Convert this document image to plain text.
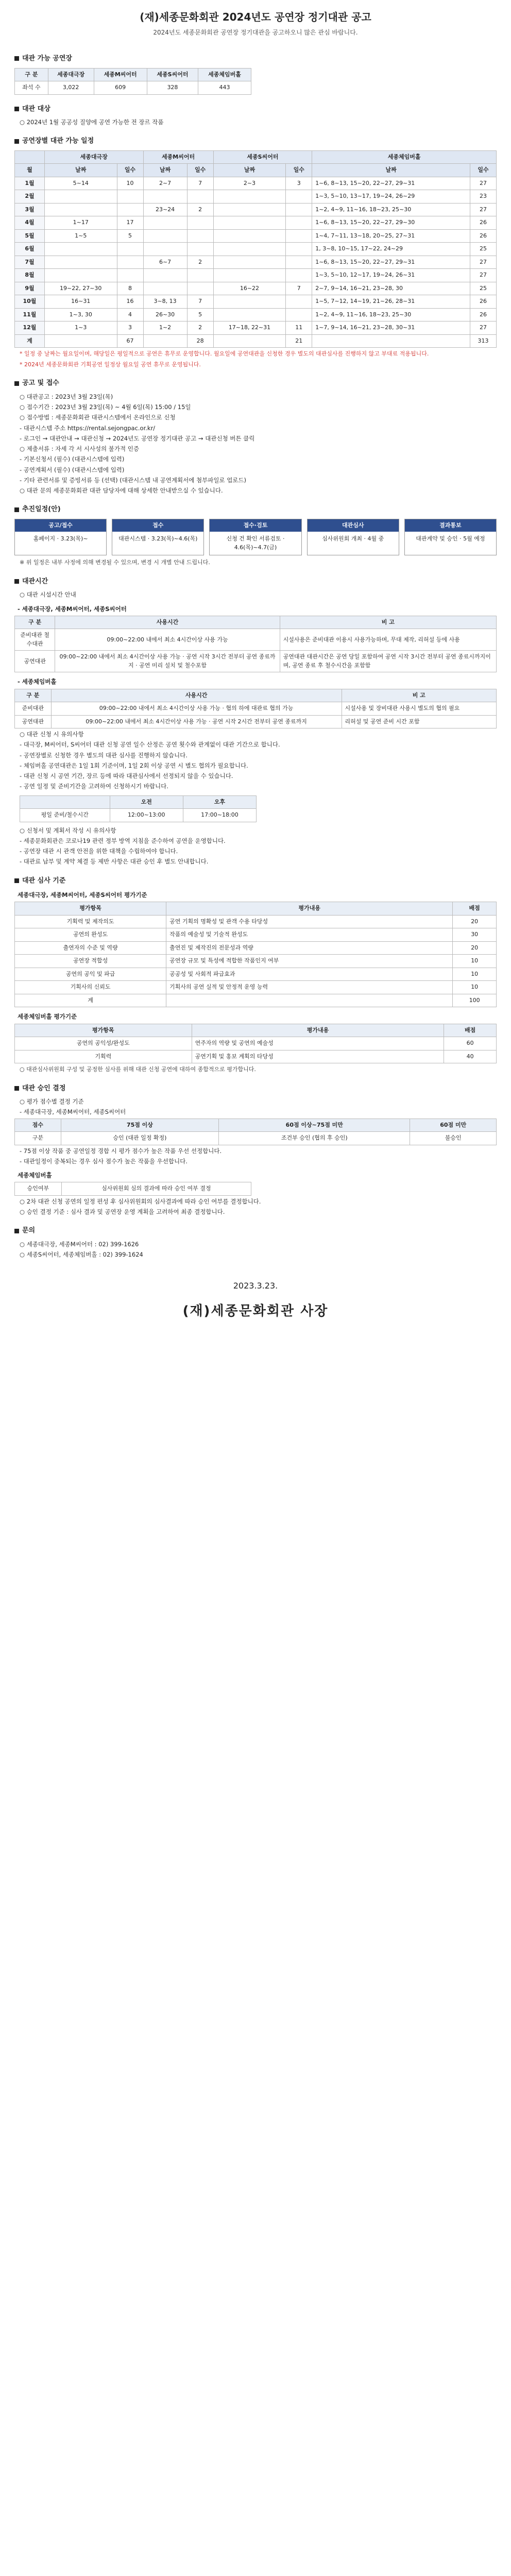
(재)세종문화회관 2024년도 공연장 정기대관 공고

2024년도 세종문화회관 공연장 정기대관을 공고하오니 많은 관심 바랍니다.

대관 가능 공연장
구 분	세종대극장	세종M씨어터	세종S씨어터	세종체임버홀
좌석 수	3,022	609	328	443
대관 대상

○ 2024년 1월 공공성 질양에 공연 가능한 전 장르 작품

공연장별 대관 가능 일정
	세종대극장		세종M씨어터		세종S씨어터		세종체임버홀	
월	날짜	일수	날짜	일수	날짜	일수	날짜	일수
1월	5~14	10	2~7	7	2~3	3	1~6, 8~13, 15~20, 22~27, 29~31	27
2월							1~3, 5~10, 13~17, 19~24, 26~29	23
3월			23~24	2			1~2, 4~9, 11~16, 18~23, 25~30	27
4월	1~17	17					1~6, 8~13, 15~20, 22~27, 29~30	26
5월	1~5	5					1~4, 7~11, 13~18, 20~25, 27~31	26
6월							1, 3~8, 10~15, 17~22, 24~29	25
7월			6~7	2			1~6, 8~13, 15~20, 22~27, 29~31	27
8월							1~3, 5~10, 12~17, 19~24, 26~31	27
9월	19~22, 27~30	8			16~22	7	2~7, 9~14, 16~21, 23~28, 30	25
10월	16~31	16	3~8, 13	7			1~5, 7~12, 14~19, 21~26, 28~31	26
11월	1~3, 30	4	26~30	5			1~2, 4~9, 11~16, 18~23, 25~30	26
12월	1~3	3	1~2	2	17~18, 22~31	11	1~7, 9~14, 16~21, 23~28, 30~31	27
계		67		28		21		313

* 일정 중 날짜는 월요일이며, 해당일은 평일적으로 공연은 휴무로 운영합니다. 월요일에 공연대관을 신청한 경우 별도의 대관심사를 진행하지 않고 부대료 적용됩니다.

* 2024년 세종문화회관 기획공연 일정상 월요일 공연 휴무로 운영됩니다.

공고 및 접수

○ 대관공고 : 2023년 3월 23일(목)

○ 접수기간 : 2023년 3월 23일(목) ~ 4월 6일(목) 15:00 / 15일

○ 접수방법 : 세종문화회관 대관시스템에서 온라인으로 신청

- 대관시스템 주소 https://rental.sejongpac.or.kr/

- 로그인 → 대관안내 → 대관신청 → 2024년도 공연장 정기대관 공고 → 대관신청 버튼 클릭

○ 제출서류 : 자세 각 서 시사성의 불가적 인증

- 기본신청서 (필수) (대관시스템에 입력)

- 공연계획서 (필수) (대관시스템에 입력)

- 기타 관련서류 및 증빙서류 등 (선택) (대관시스템 내 공연계획서에 첨부파일로 업로드)

○ 대관 문의 세종문화회관 대관 담당자에 대해 상세한 안내받으실 수 있습니다.

추진일정(안)
공고/접수
홈페이지 · 3.23(목)~
접수
대관시스템 · 3.23(목)~4.6(목)
접수·검토
신청 건 확인 서류검토 · 4.6(목)~4.7(금)
대관심사
심사위원회 개최 · 4월 중
결과통보
대관계약 및 승인 · 5월 예정

※ 위 일정은 내부 사정에 의해 변경될 수 있으며, 변경 시 개별 안내 드립니다.

대관시간

○ 대관 시설시간 안내

- 세종대극장, 세종M씨어터, 세종S씨어터

구 분	사용시간	비 고
준비대관 철수대관	09:00~22:00 내에서 최소 4시간이상 사용 가능	시설사용은 준비대관 이용시 사용가능하며, 무대 제작, 리허설 등에 사용
공연대관	09:00~22:00 내에서 최소 4시간이상 사용 가능 · 공연 시작 3시간 전부터 공연 종료까지 · 공연 미리 설치 및 철수포함	공연대관 대관시간은 공연 당일 포함하여 공연 시작 3시간 전부터 공연 종료시까지이며, 공연 종료 후 철수시간을 포함함

- 세종체임버홀

구 분	사용시간	비 고
준비대관	09:00~22:00 내에서 최소 4시간이상 사용 가능 · 협의 하에 대관료 협의 가능	시설사용 및 장비대관 사용시 별도의 협의 필요
공연대관	09:00~22:00 내에서 최소 4시간이상 사용 가능 · 공연 시작 2시간 전부터 공연 종료까지	리허설 및 공연 준비 시간 포함

○ 대관 신청 시 유의사항

- 대극장, M씨어터, S씨어터 대관 신청 공연 일수 산정은 공연 횟수와 관계없이 대관 기간으로 합니다.

- 공연장별로 신청한 경우 별도의 대관 심사를 진행하지 않습니다.

- 체임버홀 공연대관은 1일 1회 기준이며, 1일 2회 이상 공연 시 별도 협의가 필요합니다.

- 대관 신청 시 공연 기간, 장르 등에 따라 대관심사에서 선정되지 않을 수 있습니다.

- 공연 일정 및 준비기간을 고려하여 신청하시기 바랍니다.

	오전	오후
평일 준비/철수시간	12:00~13:00	17:00~18:00

○ 신청서 및 계획서 작성 시 유의사항

- 세종문화회관은 코로나19 관련 정부 방역 지침을 준수하여 공연을 운영합니다.

- 공연장 대관 시 관객 안전을 위한 대책을 수립하여야 합니다.

- 대관료 납부 및 계약 체결 등 제반 사항은 대관 승인 후 별도 안내합니다.

대관 심사 기준

세종대극장, 세종M씨어터, 세종S씨어터 평가기준

평가항목	평가내용	배점
기획력 및 제작의도	공연 기획의 명확성 및 관객 수용 타당성	20
공연의 완성도	작품의 예술성 및 기술적 완성도	30
출연자의 수준 및 역량	출연진 및 제작진의 전문성과 역량	20
공연장 적합성	공연장 규모 및 특성에 적합한 작품인지 여부	10
공연의 공익 및 파급	공공성 및 사회적 파급효과	10
기획사의 신뢰도	기획사의 공연 실적 및 안정적 운영 능력	10
계		100

세종체임버홀 평가기준

평가항목	평가내용	배점
공연의 공익성/완성도	연주자의 역량 및 공연의 예술성	60
기획력	공연기획 및 홍보 계획의 타당성	40

○ 대관심사위원회 구성 및 공정한 심사를 위해 대관 신청 공연에 대하여 종합적으로 평가합니다.

대관 승인 결정

○ 평가 점수별 결정 기준

- 세종대극장, 세종M씨어터, 세종S씨어터

점수	75점 이상	60점 이상~75점 미만	60점 미만
구분	승인 (대관 일정 확정)	조건부 승인 (협의 후 승인)	불승인

- 75점 이상 작품 중 공연일정 경합 시 평가 점수가 높은 작품 우선 선정합니다.

- 대관일정이 중복되는 경우 심사 점수가 높은 작품을 우선합니다.

세종체임버홀

승인여부	심사위원회 심의 결과에 따라 승인 여부 결정

○ 2차 대관 신청 공연의 일정 편성 후 심사위원회의 심사결과에 따라 승인 여부를 결정합니다.

○ 승인 결정 기준 : 심사 결과 및 공연장 운영 계획을 고려하여 최종 결정합니다.

문의

○ 세종대극장, 세종M씨어터 : 02) 399-1626

○ 세종S씨어터, 세종체임버홀 : 02) 399-1624

2023.3.23.
(재)세종문화회관 사장
